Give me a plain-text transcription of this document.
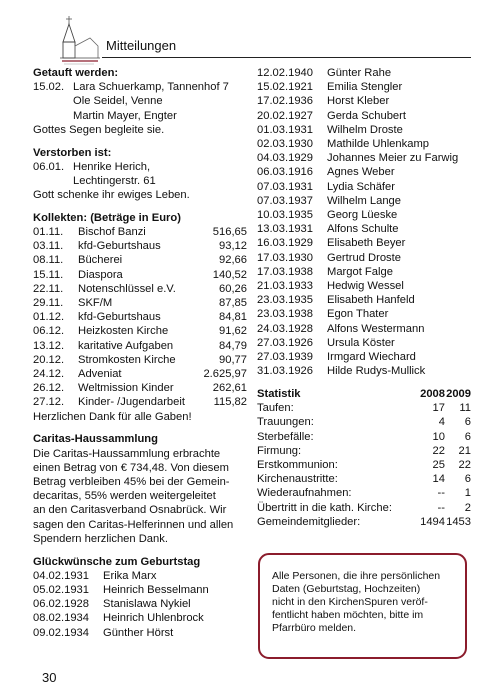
Mitteilungen
Getauft werden:
15.02. Lara Schuerkamp, Tannenhof 7
Ole Seidel, Venne
Martin Mayer, Engter
Gottes Segen begleite sie.
Verstorben ist:
06.01. Henrike Herich,
Lechtingerstr. 61
Gott schenke ihr ewiges Leben.
Kollekten: (Beträge in Euro)
01.11.	Bischof Banzi	516,65
03.11.	kfd-Geburtshaus	93,12
08.11.	Bücherei	92,66
15.11.	Diaspora	140,52
22.11.	Notenschlüssel e.V.	60,26
29.11.	SKF/M	87,85
01.12.	kfd-Geburtshaus	84,81
06.12.	Heizkosten Kirche	91,62
13.12.	karitative Aufgaben	84,79
20.12.	Stromkosten Kirche	90,77
24.12.	Adveniat	2.625,97
26.12.	Weltmission Kinder	262,61
27.12.	Kinder- /Jugendarbeit	115,82
Herzlichen Dank für alle Gaben!
Caritas-Haussammlung
Die Caritas-Haussammlung erbrachte
einen Betrag von € 734,48. Von diesem
Betrag verbleiben 45% bei der Gemein-
decaritas, 55% werden weitergeleitet
an den Caritasverband Osnabrück. Wir
sagen den Caritas-Helferinnen und allen
Spendern herzlichen Dank.
Glückwünsche zum Geburtstag
04.02.1931	Erika Marx
05.02.1931	Heinrich Besselmann
06.02.1928	Stanislawa Nykiel
08.02.1934	Heinrich Uhlenbrock
09.02.1934	Günther Hörst
12.02.1940	Günter Rahe
15.02.1921	Emilia Stengler
17.02.1936	Horst Kleber
20.02.1927	Gerda Schubert
01.03.1931	Wilhelm Droste
02.03.1930	Mathilde Uhlenkamp
04.03.1929	Johannes Meier zu Farwig
06.03.1916	Agnes Weber
07.03.1931	Lydia Schäfer
07.03.1937	Wilhelm Lange
10.03.1935	Georg Lüeske
13.03.1931	Alfons Schulte
16.03.1929	Elisabeth Beyer
17.03.1930	Gertrud Droste
17.03.1938	Margot Falge
21.03.1933	Hedwig Wessel
23.03.1935	Elisabeth Hanfeld
23.03.1938	Egon Thater
24.03.1928	Alfons Westermann
27.03.1926	Ursula Köster
27.03.1939	Irmgard Wiechard
31.03.1926	Hilde Rudys-Mullick
Statistik	2008 2009
Taufen:	17	11
Trauungen:	4	6
Sterbefälle:	10	6
Firmung:	22	21
Erstkommunion:	25	22
Kirchenaustritte:	14	6
Wiederaufnahmen:	--	1
Übertritt in die kath. Kirche:	--	2
Gemeindemitglieder:	1494 1453
Alle Personen, die ihre persönlichen
Daten (Geburtstag, Hochzeiten)
nicht in den KirchenSpuren veröf-
fentlicht haben möchten, bitte im
Pfarrbüro melden.
30
